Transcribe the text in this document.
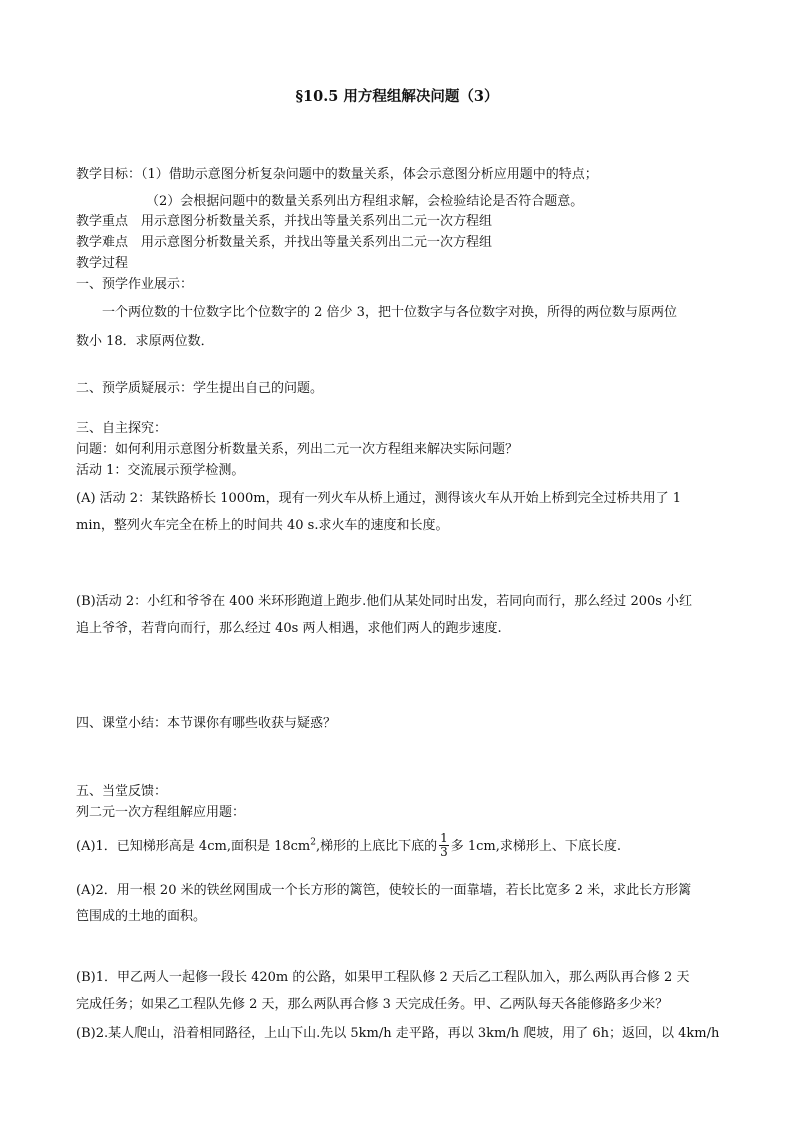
§10.5 用方程组解决问题（3）
教学目标：（1）借助示意图分析复杂问题中的数量关系，体会示意图分析应用题中的特点；
（2）会根据问题中的数量关系列出方程组求解，会检验结论是否符合题意。
教学重点　用示意图分析数量关系，并找出等量关系列出二元一次方程组
教学难点　用示意图分析数量关系，并找出等量关系列出二元一次方程组
教学过程
一、预学作业展示：
一个两位数的十位数字比个位数字的 2 倍少 3，把十位数字与各位数字对换，所得的两位数与原两位
数小 18．求原两位数．
二、预学质疑展示：学生提出自己的问题。
三、自主探究：
问题：如何利用示意图分析数量关系，列出二元一次方程组来解决实际问题？
活动 1：交流展示预学检测。
(A) 活动 2：某铁路桥长 1000m，现有一列火车从桥上通过，测得该火车从开始上桥到完全过桥共用了 1
min，整列火车完全在桥上的时间共 40 s.求火车的速度和长度。
(B)活动 2：小红和爷爷在 400 米环形跑道上跑步.他们从某处同时出发，若同向而行，那么经过 200s 小红
追上爷爷，若背向而行，那么经过 40s 两人相遇，求他们两人的跑步速度.
四、课堂小结：本节课你有哪些收获与疑惑？
五、当堂反馈：
列二元一次方程组解应用题：
(A)1．已知梯形高是 4cm,面积是 $18cm^2$,梯形的上底比下底的 $\frac{1}{3}$ 多 1cm,求梯形上、下底长度.
(A)2．用一根 20 米的铁丝网围成一个长方形的篱笆，使较长的一面靠墙，若长比宽多 2 米，求此长方形篱
笆围成的土地的面积。
(B)1．甲乙两人一起修一段长 420m 的公路，如果甲工程队修 2 天后乙工程队加入，那么两队再合修 2 天
完成任务；如果乙工程队先修 2 天，那么两队再合修 3 天完成任务。甲、乙两队每天各能修路多少米？
(B)2.某人爬山，沿着相同路径，上山下山.先以 5km/h 走平路，再以 3km/h 爬坡，用了 6h；返回，以 4km/h
